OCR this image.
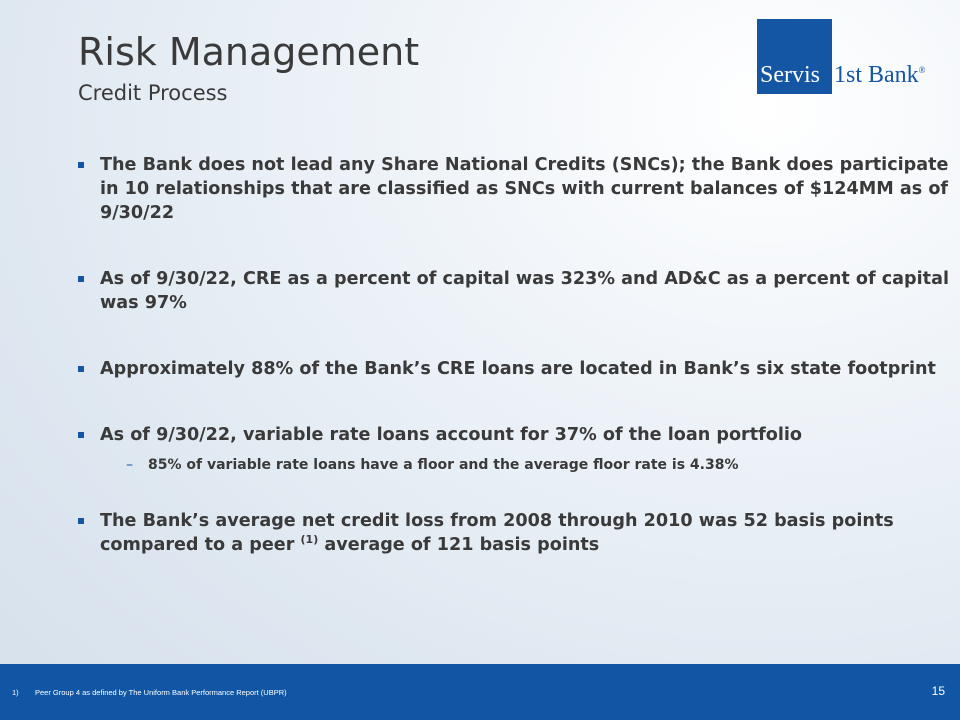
Risk Management
Credit Process
Servis 1st Bank®
The Bank does not lead any Share National Credits (SNCs); the Bank does participate in 10 relationships that are classified as SNCs with current balances of $124MM as of 9/30/22
As of 9/30/22, CRE as a percent of capital was 323% and AD&C as a percent of capital was 97%
Approximately 88% of the Bank’s CRE loans are located in Bank’s six state footprint
As of 9/30/22, variable rate loans account for 37% of the loan portfolio
– 85% of variable rate loans have a floor and the average floor rate is 4.38%
The Bank’s average net credit loss from 2008 through 2010 was 52 basis points compared to a peer $^{(1)}$ average of 121 basis points
1) Peer Group 4 as defined by The Uniform Bank Performance Report (UBPR)	15
